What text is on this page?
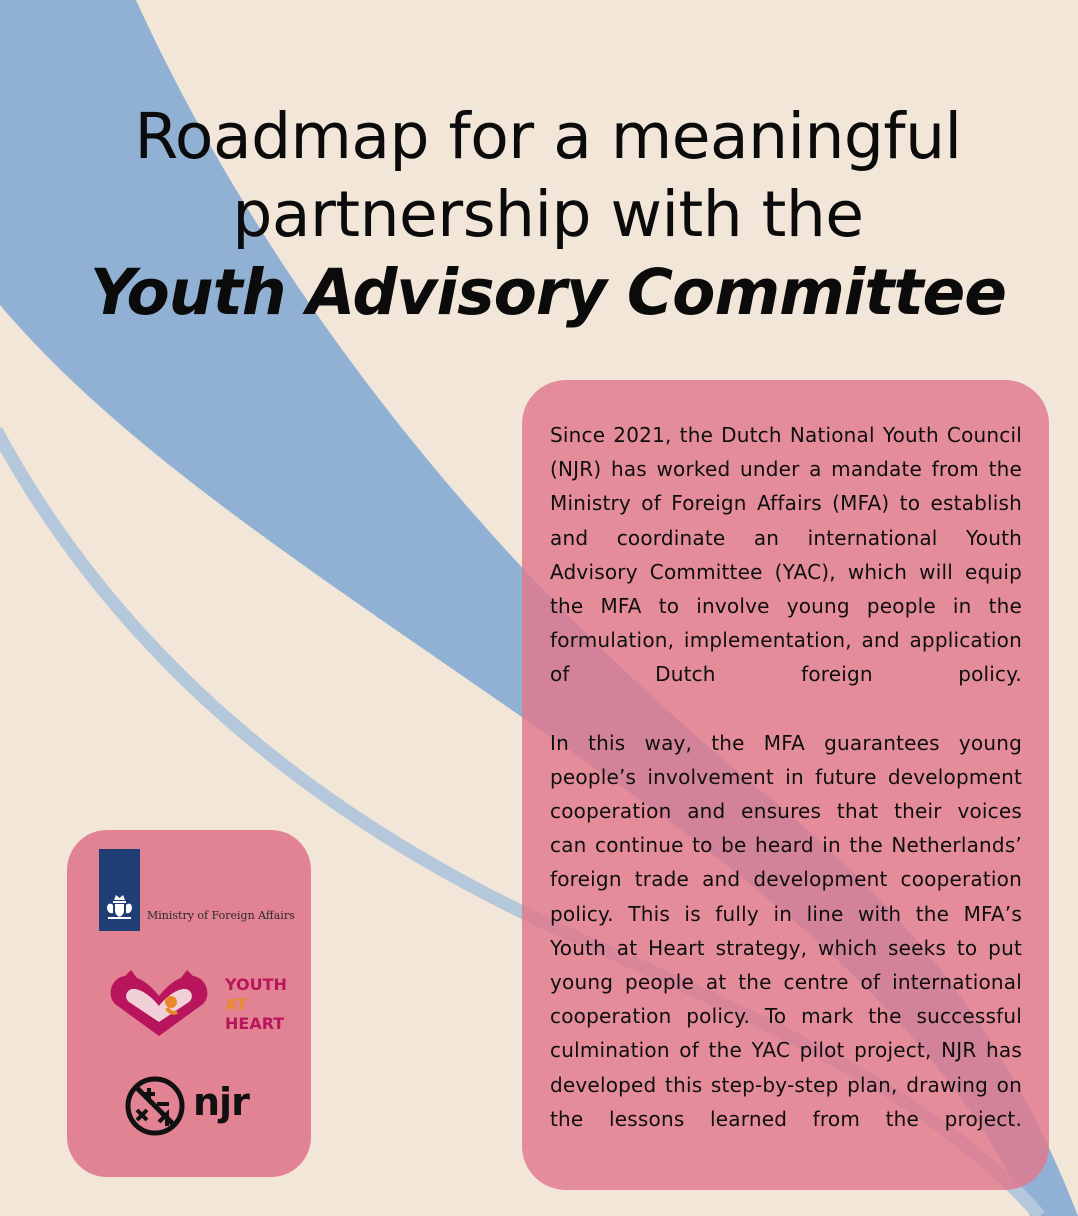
Roadmap for a meaningful
partnership with the
Youth Advisory Committee

Since 2021, the Dutch National Youth Council (NJR) has worked under a mandate from the Ministry of Foreign Affairs (MFA) to establish and coordinate an international Youth Advisory Committee (YAC), which will equip the MFA to involve young people in the formulation, implementation, and application of Dutch foreign policy.

In this way, the MFA guarantees young people’s involvement in future development cooperation and ensures that their voices can continue to be heard in the Netherlands’ foreign trade and development cooperation policy. This is fully in line with the MFA’s Youth at Heart strategy, which seeks to put young people at the centre of international cooperation policy. To mark the successful culmination of the YAC pilot project, NJR has developed this step-by-step plan, drawing on the lessons learned from the project.

Ministry of Foreign Affairs
YOUTH
AT
HEART
njr
